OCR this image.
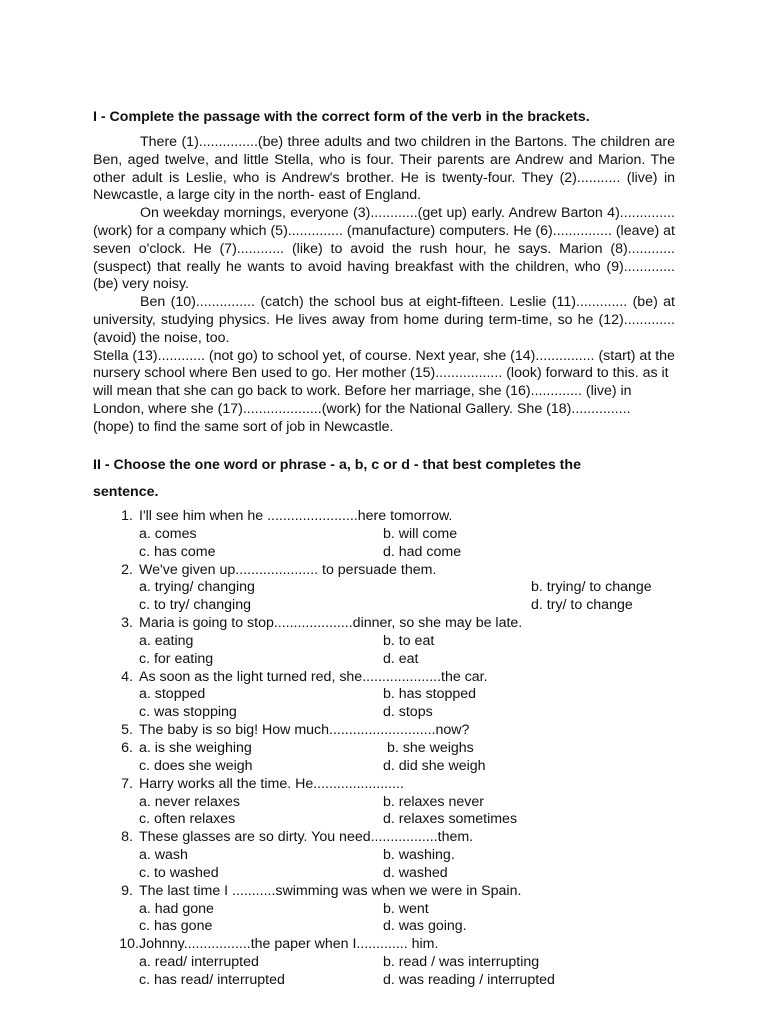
I - Complete the passage with the correct form of the verb in the brackets.

There (1)...............(be) three adults and two children in the Bartons. The children are Ben, aged twelve, and little Stella, who is four. Their parents are Andrew and Marion. The other adult is Leslie, who is Andrew's brother. He is twenty-four. They (2)........... (live) in Newcastle, a large city in the north- east of England.

On weekday mornings, everyone (3)............(get up) early. Andrew Barton 4).............. (work) for a company which (5).............. (manufacture) computers. He (6)............... (leave) at seven o'clock. He (7)............ (like) to avoid the rush hour, he says. Marion (8)............ (suspect) that really he wants to avoid having breakfast with the children, who (9)............. (be) very noisy.

Ben (10)............... (catch) the school bus at eight-fifteen. Leslie (11)............. (be) at university, studying physics. He lives away from home during term-time, so he (12)............. (avoid) the noise, too.

Stella (13)............ (not go) to school yet, of course. Next year, she (14)............... (start) at the nursery school where Ben used to go. Her mother (15)................. (look) forward to this. as it will mean that she can go back to work. Before her marriage, she (16)............. (live) in London, where she (17)....................(work) for the National Gallery. She (18)............... (hope) to find the same sort of job in Newcastle.

II - Choose the one word or phrase - a, b, c or d - that best completes the
sentence.
1. I'll see him when he .......................here tomorrow.
a. comes	b. will come
c. has come	d. had come
2. We've given up..................... to persuade them.
a. trying/ changing	b. trying/ to change
c. to try/ changing	d. try/ to change
3. Maria is going to stop....................dinner, so she may be late.
a. eating	b. to eat
c. for eating	d. eat
4. As soon as the light turned red, she....................the car.
a. stopped	b. has stopped
c. was stopping	d. stops
5. The baby is so big! How much...........................now?
6. a. is she weighing	b. she weighs
c. does she weigh	d. did she weigh
7. Harry works all the time. He.......................
a. never relaxes	b. relaxes never
c. often relaxes	d. relaxes sometimes
8. These glasses are so dirty. You need.................them.
a. wash	b. washing.
c. to washed	d. washed
9. The last time I ...........swimming was when we were in Spain.
a. had gone	b. went
c. has gone	d. was going.
10. Johnny.................the paper when I............. him.
a. read/ interrupted	b. read / was interrupting
c. has read/ interrupted	d. was reading / interrupted
